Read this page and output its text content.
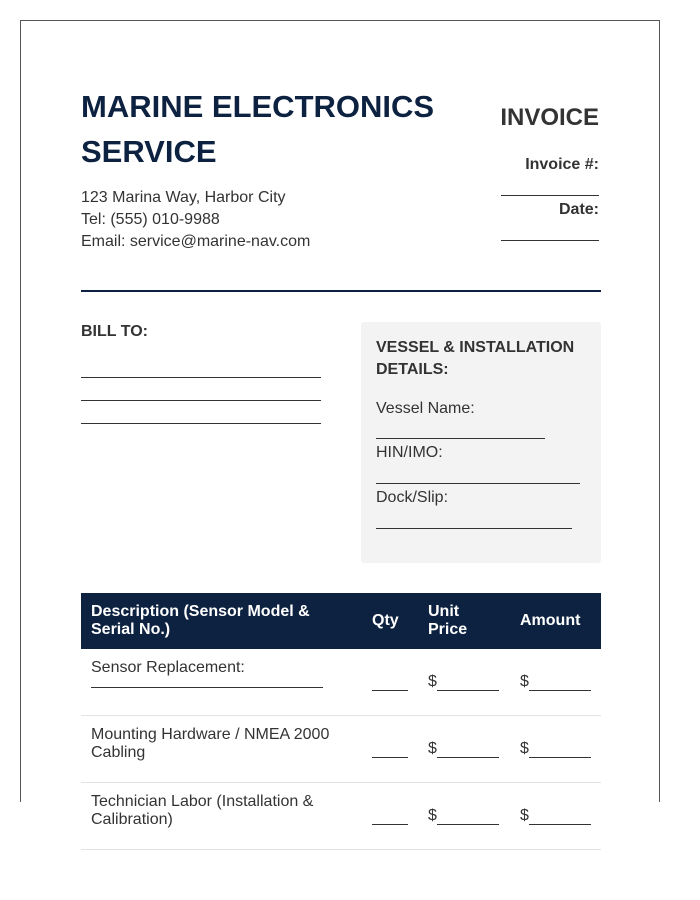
MARINE ELECTRONICS SERVICE
123 Marina Way, Harbor City
Tel: (555) 010-9988
Email: service@marine-nav.com
INVOICE
Invoice #:
Date:
BILL TO:
VESSEL & INSTALLATION DETAILS:
Vessel Name:
HIN/IMO:
Dock/Slip:
Description (Sensor Model & Serial No.)	Qty	Unit Price	Amount
Sensor Replacement:		$	$
Mounting Hardware / NMEA 2000 Cabling		$	$
Technician Labor (Installation & Calibration)		$	$
